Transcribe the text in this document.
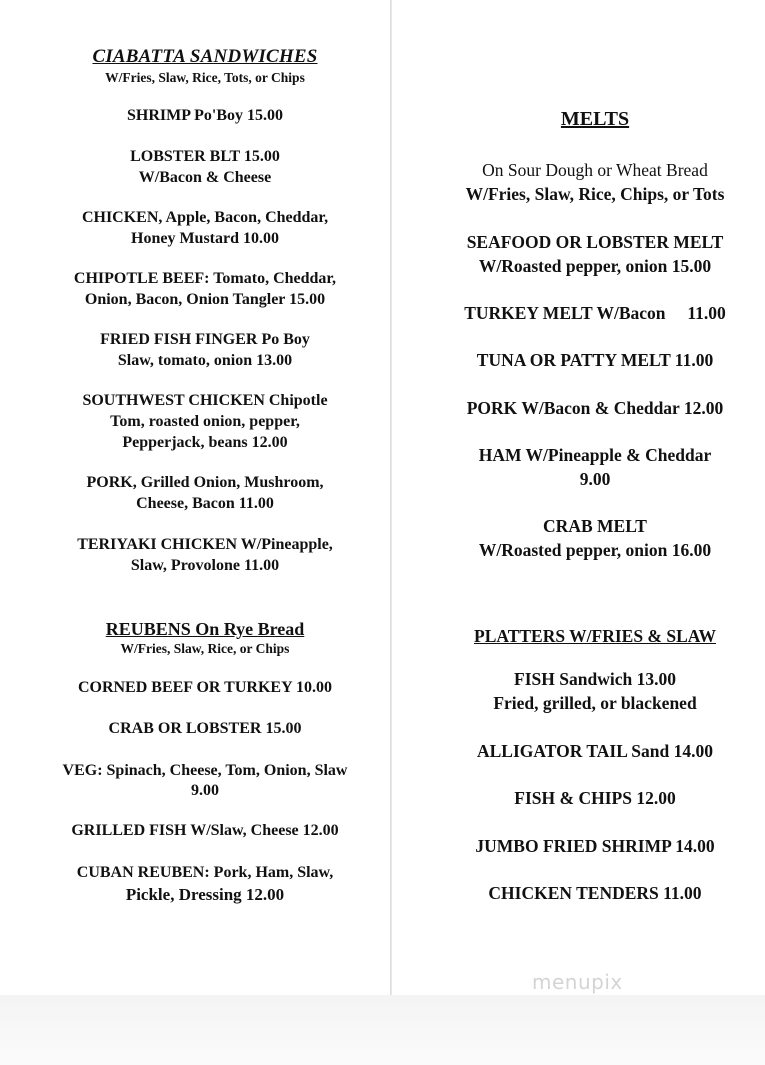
CIABATTA SANDWICHES
W/Fries, Slaw, Rice, Tots, or Chips
SHRIMP Po'Boy 15.00
LOBSTER BLT 15.00
W/Bacon & Cheese
CHICKEN, Apple, Bacon, Cheddar,
Honey Mustard 10.00
CHIPOTLE BEEF: Tomato, Cheddar,
Onion, Bacon, Onion Tangler 15.00
FRIED FISH FINGER Po Boy
Slaw, tomato, onion 13.00
SOUTHWEST CHICKEN Chipotle
Tom, roasted onion, pepper,
Pepperjack, beans 12.00
PORK, Grilled Onion, Mushroom,
Cheese, Bacon 11.00
TERIYAKI CHICKEN W/Pineapple,
Slaw, Provolone 11.00
REUBENS On Rye Bread
W/Fries, Slaw, Rice, or Chips
CORNED BEEF OR TURKEY 10.00
CRAB OR LOBSTER 15.00
VEG: Spinach, Cheese, Tom, Onion, Slaw
9.00
GRILLED FISH W/Slaw, Cheese 12.00
CUBAN REUBEN: Pork, Ham, Slaw,
Pickle, Dressing 12.00
MELTS
On Sour Dough or Wheat Bread
W/Fries, Slaw, Rice, Chips, or Tots
SEAFOOD OR LOBSTER MELT
W/Roasted pepper, onion 15.00
TURKEY MELT W/Bacon     11.00
TUNA OR PATTY MELT 11.00
PORK W/Bacon & Cheddar 12.00
HAM W/Pineapple & Cheddar
9.00
CRAB MELT
W/Roasted pepper, onion 16.00
PLATTERS W/FRIES & SLAW
FISH Sandwich 13.00
Fried, grilled, or blackened
ALLIGATOR TAIL Sand 14.00
FISH & CHIPS 12.00
JUMBO FRIED SHRIMP 14.00
CHICKEN TENDERS 11.00
menupix
